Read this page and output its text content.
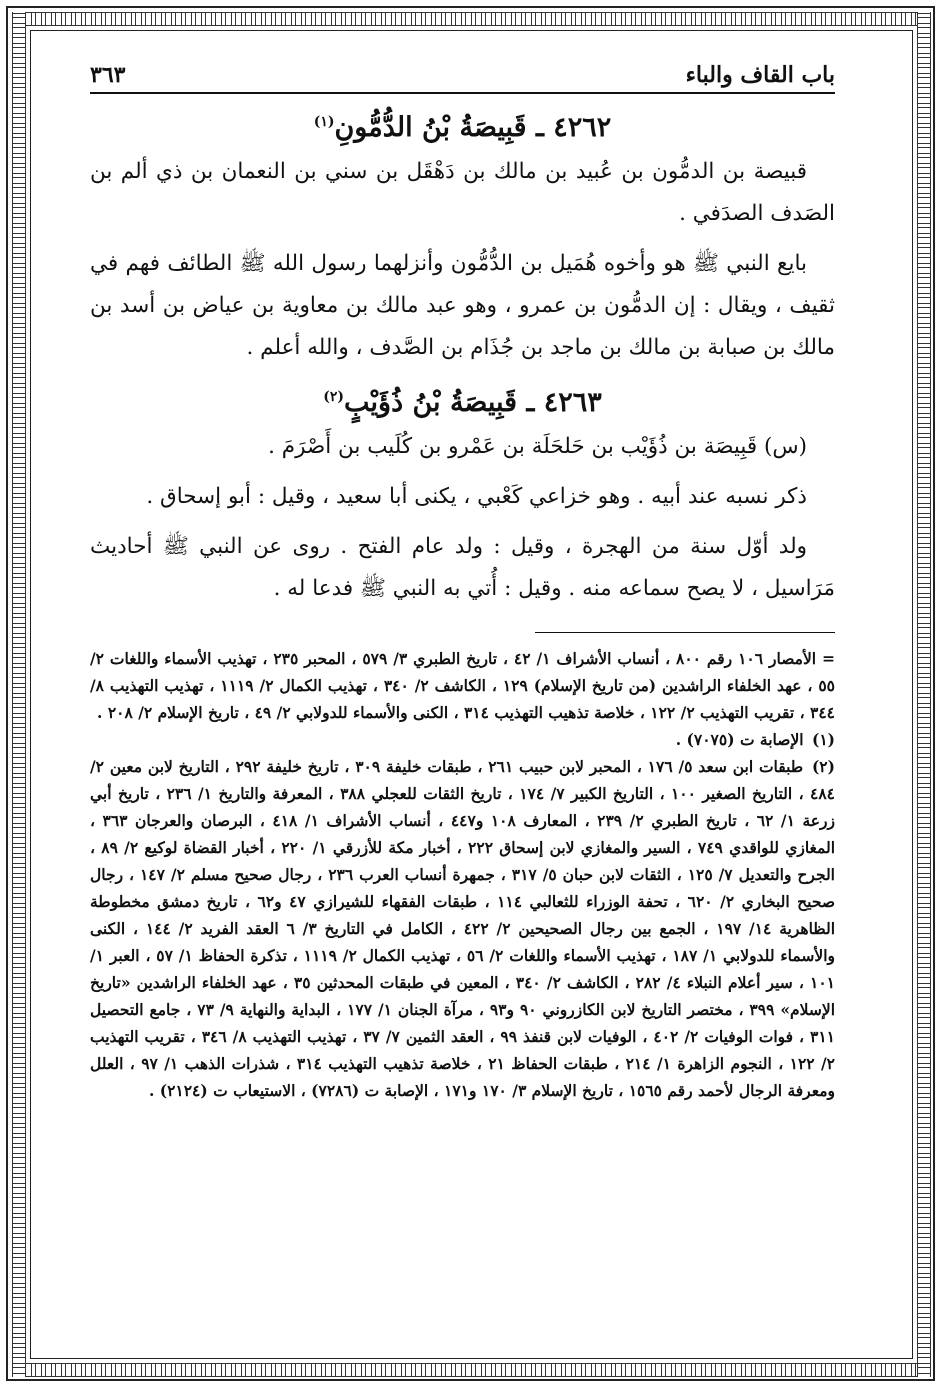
باب القاف والباء
٣٦٣
٤٢٦٢ ـ قَبِيصَةُ بْنُ الدُّمُّونِ$^{(١)}$

قبيصة بن الدمُّون بن عُبيد بن مالك بن دَهْقَل بن سني بن النعمان بن ذي ألم بن الصَدف الصدَفي .

بايع النبي ﷺ هو وأخوه هُمَيل بن الدُّمُّون وأنزلهما رسول الله ﷺ الطائف فهم في ثقيف ، ويقال : إن الدمُّون بن عمرو ، وهو عبد مالك بن معاوية بن عياض بن أسد بن مالك بن صبابة بن مالك بن ماجد بن جُذَام بن الصَّدف ، والله أعلم .

٤٢٦٣ ـ قَبِيصَةُ بْنُ ذُؤَيْبٍ$^{(٢)}$

(س) قَبِيصَة بن ذُؤَيْب بن حَلحَلَة بن عَمْرو بن كُلَيب بن أَصْرَمَ .

ذكر نسبه عند أبيه . وهو خزاعي كَعْبي ، يكنى أبا سعيد ، وقيل : أبو إسحاق .

ولد أوّل سنة من الهجرة ، وقيل : ولد عام الفتح . روى عن النبي ﷺ أحاديث مَرَاسيل ، لا يصح سماعه منه . وقيل : أُتي به النبي ﷺ فدعا له .

= الأمصار ١٠٦ رقم ٨٠٠ ، أنساب الأشراف ١/ ٤٢ ، تاريخ الطبري ٣/ ٥٧٩ ، المحبر ٢٣٥ ، تهذيب الأسماء واللغات ٢/ ٥٥ ، عهد الخلفاء الراشدين (من تاريخ الإسلام) ١٢٩ ، الكاشف ٢/ ٣٤٠ ، تهذيب الكمال ٢/ ١١١٩ ، تهذيب التهذيب ٨/ ٣٤٤ ، تقريب التهذيب ٢/ ١٢٢ ، خلاصة تذهيب التهذيب ٣١٤ ، الكنى والأسماء للدولابي ٢/ ٤٩ ، تاريخ الإسلام ٢/ ٢٠٨ .

(١) الإصابة ت (٧٠٧٥) .

(٢) طبقات ابن سعد ٥/ ١٧٦ ، المحبر لابن حبيب ٢٦١ ، طبقات خليفة ٣٠٩ ، تاريخ خليفة ٢٩٢ ، التاريخ لابن معين ٢/ ٤٨٤ ، التاريخ الصغير ١٠٠ ، التاريخ الكبير ٧/ ١٧٤ ، تاريخ الثقات للعجلي ٣٨٨ ، المعرفة والتاريخ ١/ ٢٣٦ ، تاريخ أبي زرعة ١/ ٦٢ ، تاريخ الطبري ٢/ ٢٣٩ ، المعارف ١٠٨ و٤٤٧ ، أنساب الأشراف ١/ ٤١٨ ، البرصان والعرجان ٣٦٣ ، المغازي للواقدي ٧٤٩ ، السير والمغازي لابن إسحاق ٢٢٢ ، أخبار مكة للأزرقي ١/ ٢٢٠ ، أخبار القضاة لوكيع ٢/ ٨٩ ، الجرح والتعديل ٧/ ١٢٥ ، الثقات لابن حبان ٥/ ٣١٧ ، جمهرة أنساب العرب ٢٣٦ ، رجال صحيح مسلم ٢/ ١٤٧ ، رجال صحيح البخاري ٢/ ٦٢٠ ، تحفة الوزراء للثعالبي ١١٤ ، طبقات الفقهاء للشيرازي ٤٧ و٦٢ ، تاريخ دمشق مخطوطة الظاهرية ١٤/ ١٩٧ ، الجمع بين رجال الصحيحين ٢/ ٤٢٢ ، الكامل في التاريخ ٣/ ٦ العقد الفريد ٢/ ١٤٤ ، الكنى والأسماء للدولابي ١/ ١٨٧ ، تهذيب الأسماء واللغات ٢/ ٥٦ ، تهذيب الكمال ٢/ ١١١٩ ، تذكرة الحفاظ ١/ ٥٧ ، العبر ١/ ١٠١ ، سير أعلام النبلاء ٤/ ٢٨٢ ، الكاشف ٢/ ٣٤٠ ، المعين في طبقات المحدثين ٣٥ ، عهد الخلفاء الراشدين «تاريخ الإسلام» ٣٩٩ ، مختصر التاريخ لابن الكازروني ٩٠ و٩٣ ، مرآة الجنان ١/ ١٧٧ ، البداية والنهاية ٩/ ٧٣ ، جامع التحصيل ٣١١ ، فوات الوفيات ٢/ ٤٠٢ ، الوفيات لابن قنفذ ٩٩ ، العقد الثمين ٧/ ٣٧ ، تهذيب التهذيب ٨/ ٣٤٦ ، تقريب التهذيب ٢/ ١٢٢ ، النجوم الزاهرة ١/ ٢١٤ ، طبقات الحفاظ ٢١ ، خلاصة تذهيب التهذيب ٣١٤ ، شذرات الذهب ١/ ٩٧ ، العلل ومعرفة الرجال لأحمد رقم ١٥٦٥ ، تاريخ الإسلام ٣/ ١٧٠ و١٧١ ، الإصابة ت (٧٢٨٦) ، الاستيعاب ت (٢١٢٤) .
